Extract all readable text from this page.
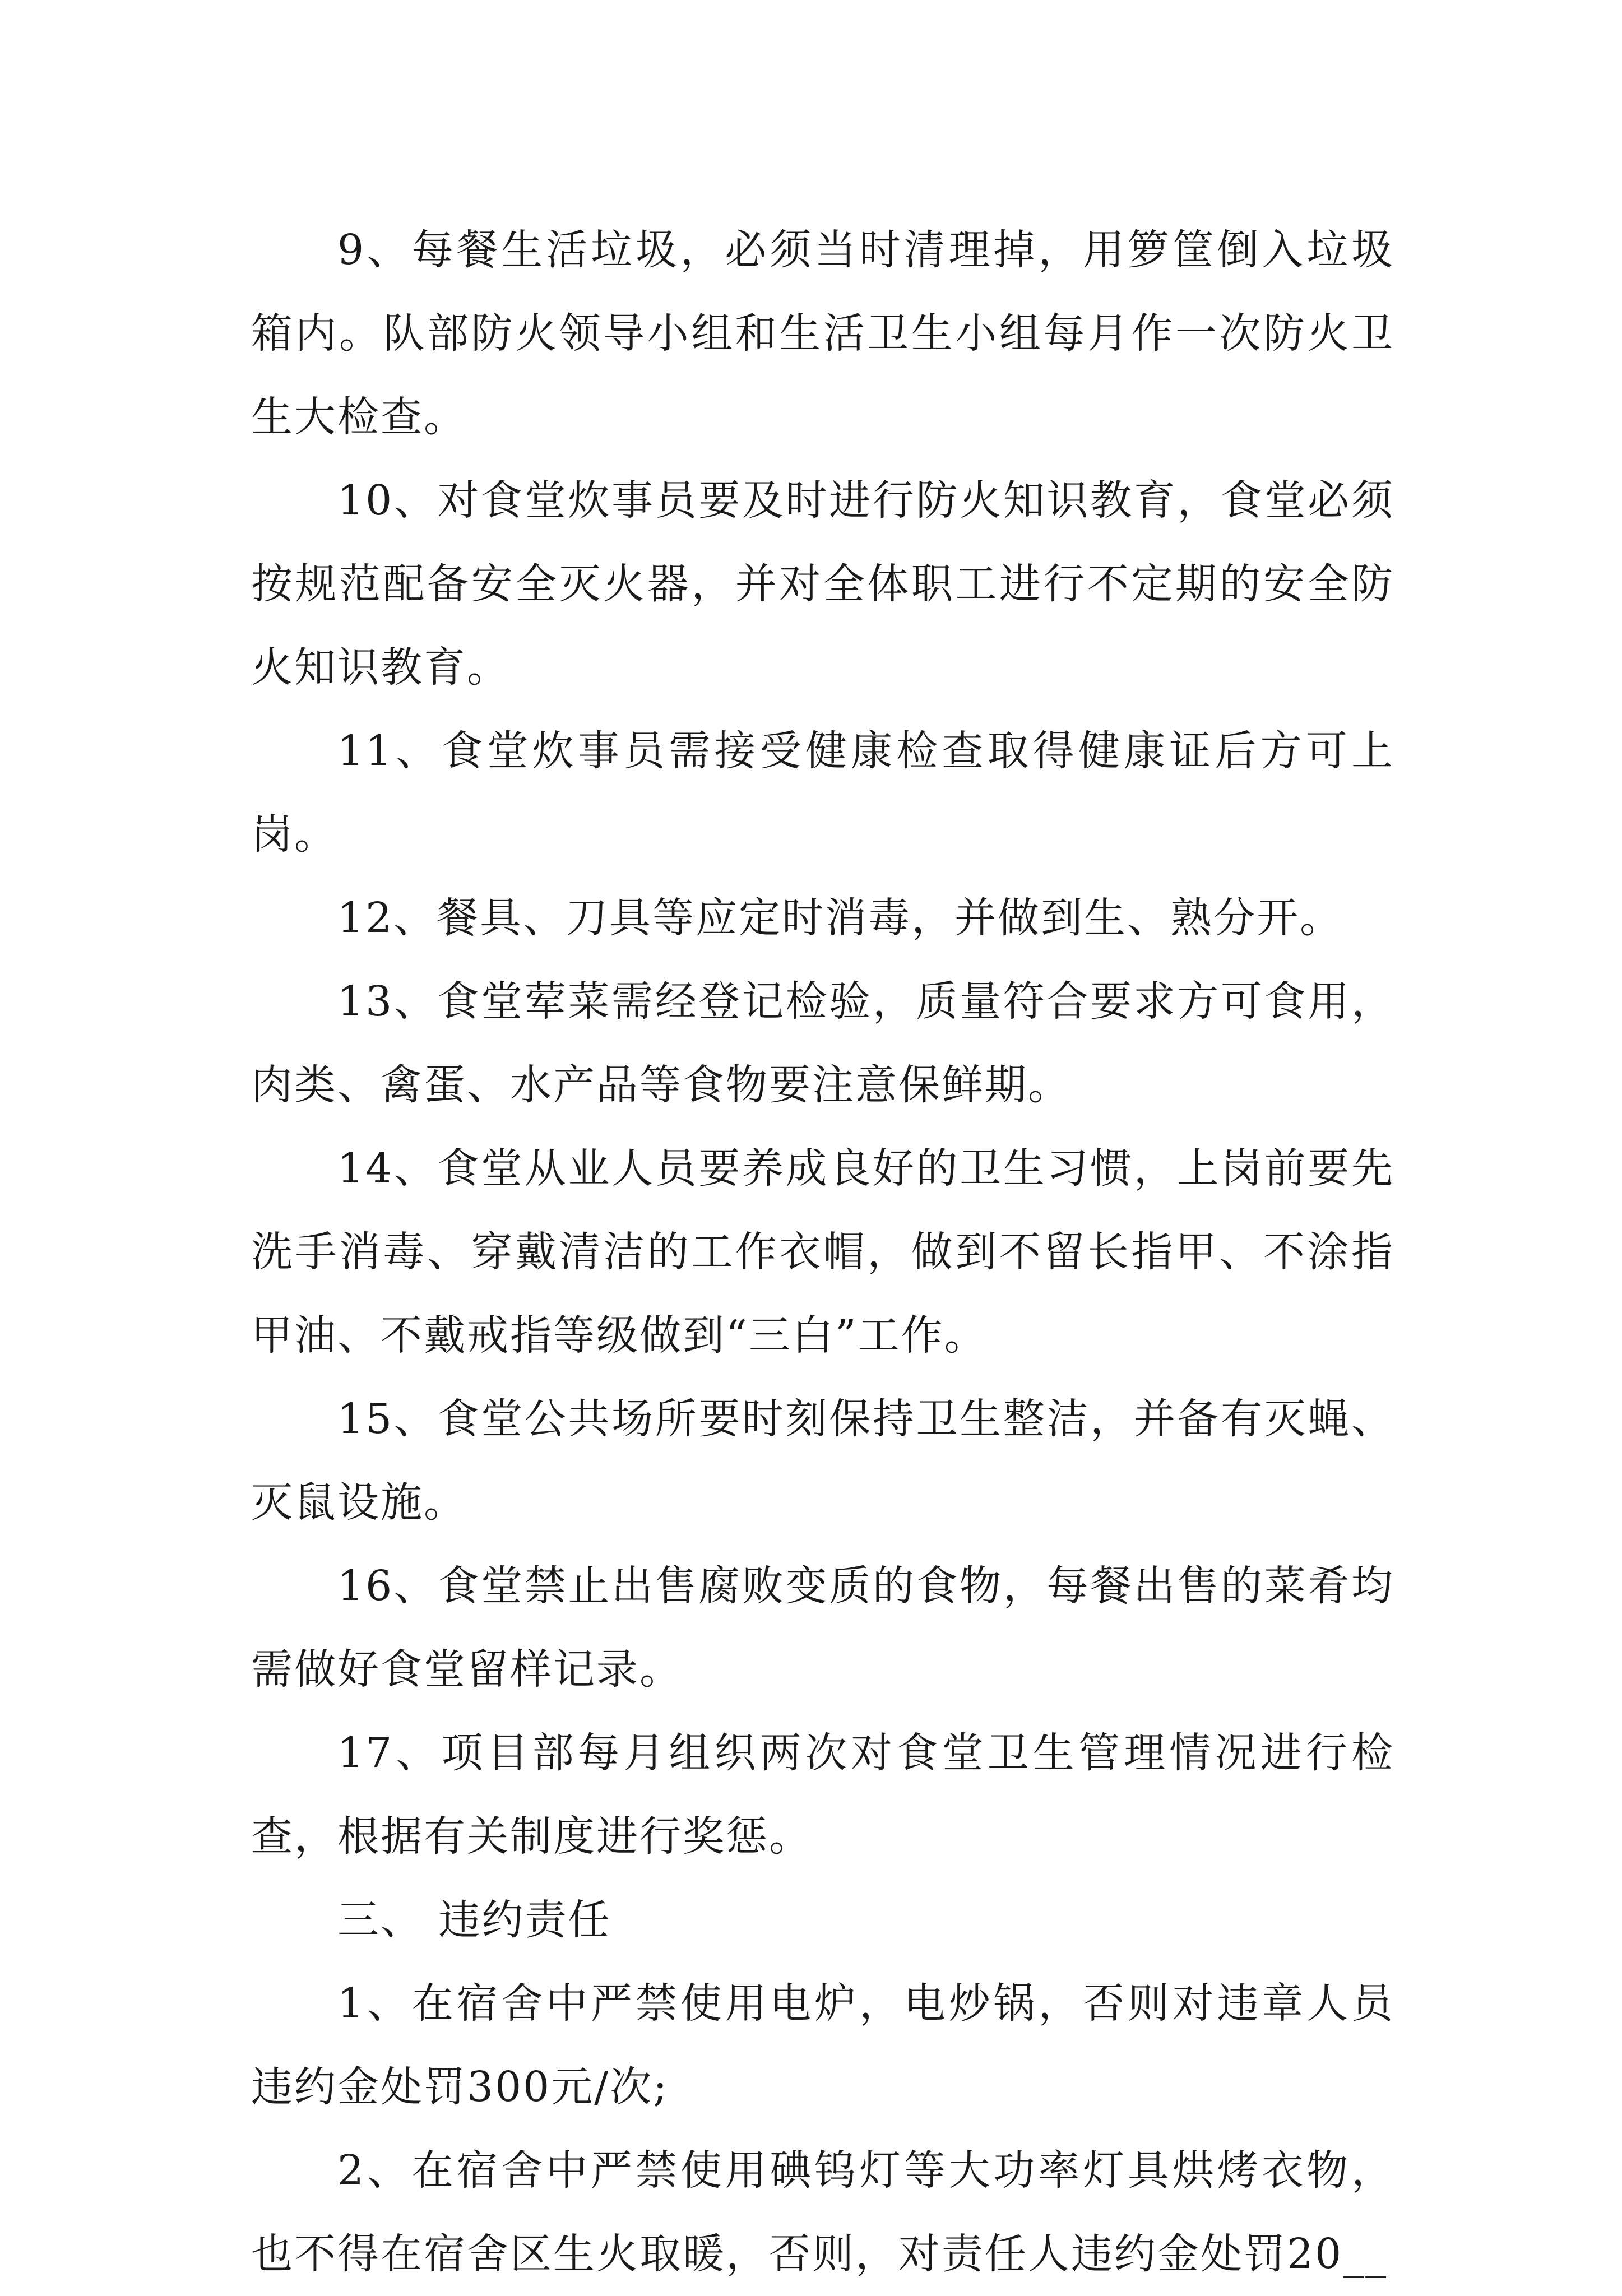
9、每餐生活垃圾，必须当时清理掉，用箩筐倒入垃圾箱内。队部防火领导小组和生活卫生小组每月作一次防火卫生大检查。

10、对食堂炊事员要及时进行防火知识教育，食堂必须按规范配备安全灭火器，并对全体职工进行不定期的安全防火知识教育。

11、食堂炊事员需接受健康检查取得健康证后方可上岗。

12、餐具、刀具等应定时消毒，并做到生、熟分开。

13、食堂荤菜需经登记检验，质量符合要求方可食用，肉类、禽蛋、水产品等食物要注意保鲜期。

14、食堂从业人员要养成良好的卫生习惯，上岗前要先洗手消毒、穿戴清洁的工作衣帽，做到不留长指甲、不涂指甲油、不戴戒指等级做到“三白”工作。

15、食堂公共场所要时刻保持卫生整洁，并备有灭蝇、灭鼠设施。

16、食堂禁止出售腐败变质的食物，每餐出售的菜肴均需做好食堂留样记录。

17、项目部每月组织两次对食堂卫生管理情况进行检查，根据有关制度进行奖惩。

三、 违约责任

1、在宿舍中严禁使用电炉，电炒锅，否则对违章人员违约金处罚300元/次;

2、在宿舍中严禁使用碘钨灯等大功率灯具烘烤衣物，也不得在宿舍区生火取暖，否则，对责任人违约金处罚20__
